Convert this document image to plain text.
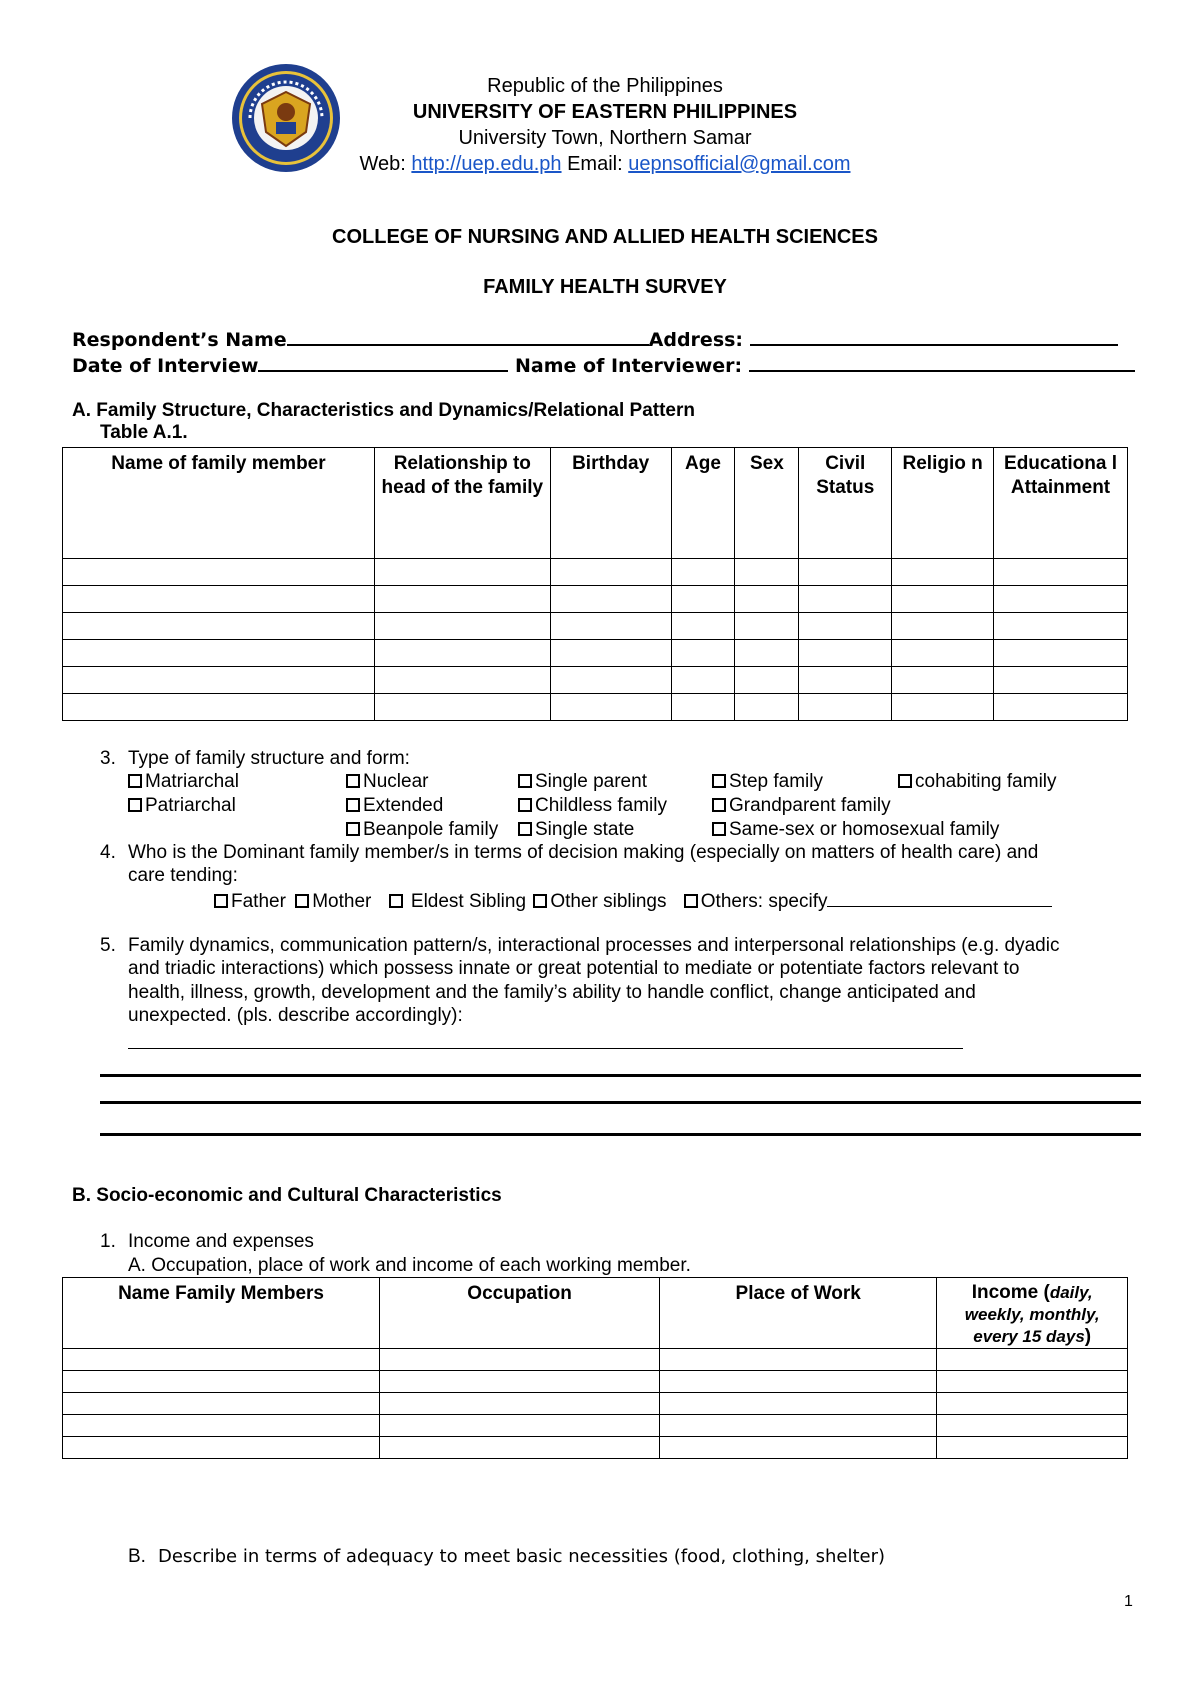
Republic of the Philippines
UNIVERSITY OF EASTERN PHILIPPINES
University Town, Northern Samar
Web: http://uep.edu.ph Email: uepnsofficial@gmail.com
COLLEGE OF NURSING AND ALLIED HEALTH SCIENCES
FAMILY HEALTH SURVEY
Respondent’s Name	Address:
Date of Interview	Name of Interviewer:
A. Family Structure, Characteristics and Dynamics/Relational Pattern
Table A.1.
Name of family member	Relationship to head of the family	Birthday	Age	Sex	Civil Status	Religio n	Educationa l Attainment

3. Type of family structure and form:
Matriarchal	Nuclear	Single parent	Step family	cohabiting family
Patriarchal	Extended	Childless family	Grandparent family
Beanpole family	Single state	Same-sex or homosexual family
4. Who is the Dominant family member/s in terms of decision making (especially on matters of health care) and
care tending:
Father Mother Eldest Sibling Other siblings Others: specify
5. Family dynamics, communication pattern/s, interactional processes and interpersonal relationships (e.g. dyadic
and triadic interactions) which possess innate or great potential to mediate or potentiate factors relevant to
health, illness, growth, development and the family’s ability to handle conflict, change anticipated and
unexpected. (pls. describe accordingly):
B. Socio-economic and Cultural Characteristics
1. Income and expenses
A. Occupation, place of work and income of each working member.
Name Family Members	Occupation	Place of Work	Income (daily, weekly, monthly, every 15 days)

B. Describe in terms of adequacy to meet basic necessities (food, clothing, shelter)
1
